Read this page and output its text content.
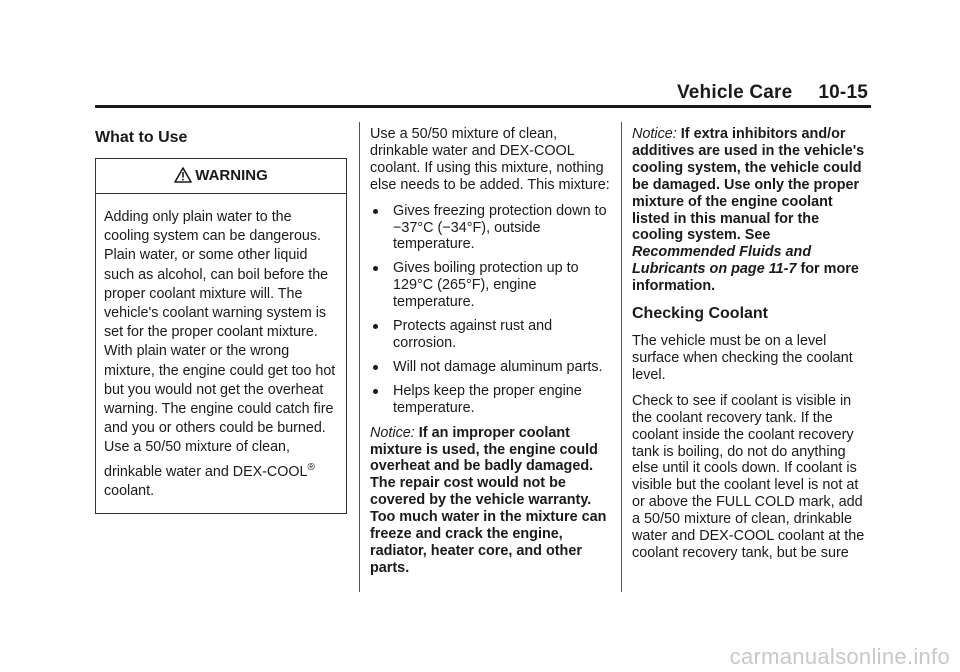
Vehicle Care 10-15
What to Use
WARNING
Adding only plain water to the cooling system can be dangerous. Plain water, or some other liquid such as alcohol, can boil before the proper coolant mixture will. The vehicle's coolant warning system is set for the proper coolant mixture. With plain water or the wrong mixture, the engine could get too hot but you would not get the overheat warning. The engine could catch fire and you or others could be burned. Use a 50/50 mixture of clean, drinkable water and DEX-COOL® coolant.

Use a 50/50 mixture of clean, drinkable water and DEX-COOL coolant. If using this mixture, nothing else needs to be added. This mixture:

Gives freezing protection down to −37°C (−34°F), outside temperature.
Gives boiling protection up to 129°C (265°F), engine temperature.
Protects against rust and corrosion.
Will not damage aluminum parts.
Helps keep the proper engine temperature.

Notice: If an improper coolant mixture is used, the engine could overheat and be badly damaged. The repair cost would not be covered by the vehicle warranty. Too much water in the mixture can freeze and crack the engine, radiator, heater core, and other parts.

Notice: If extra inhibitors and/or additives are used in the vehicle's cooling system, the vehicle could be damaged. Use only the proper mixture of the engine coolant listed in this manual for the cooling system. See Recommended Fluids and Lubricants on page 11-7 for more information.

Checking Coolant

The vehicle must be on a level surface when checking the coolant level.

Check to see if coolant is visible in the coolant recovery tank. If the coolant inside the coolant recovery tank is boiling, do not do anything else until it cools down. If coolant is visible but the coolant level is not at or above the FULL COLD mark, add a 50/50 mixture of clean, drinkable water and DEX-COOL coolant at the coolant recovery tank, but be sure

carmanualsonline.info
